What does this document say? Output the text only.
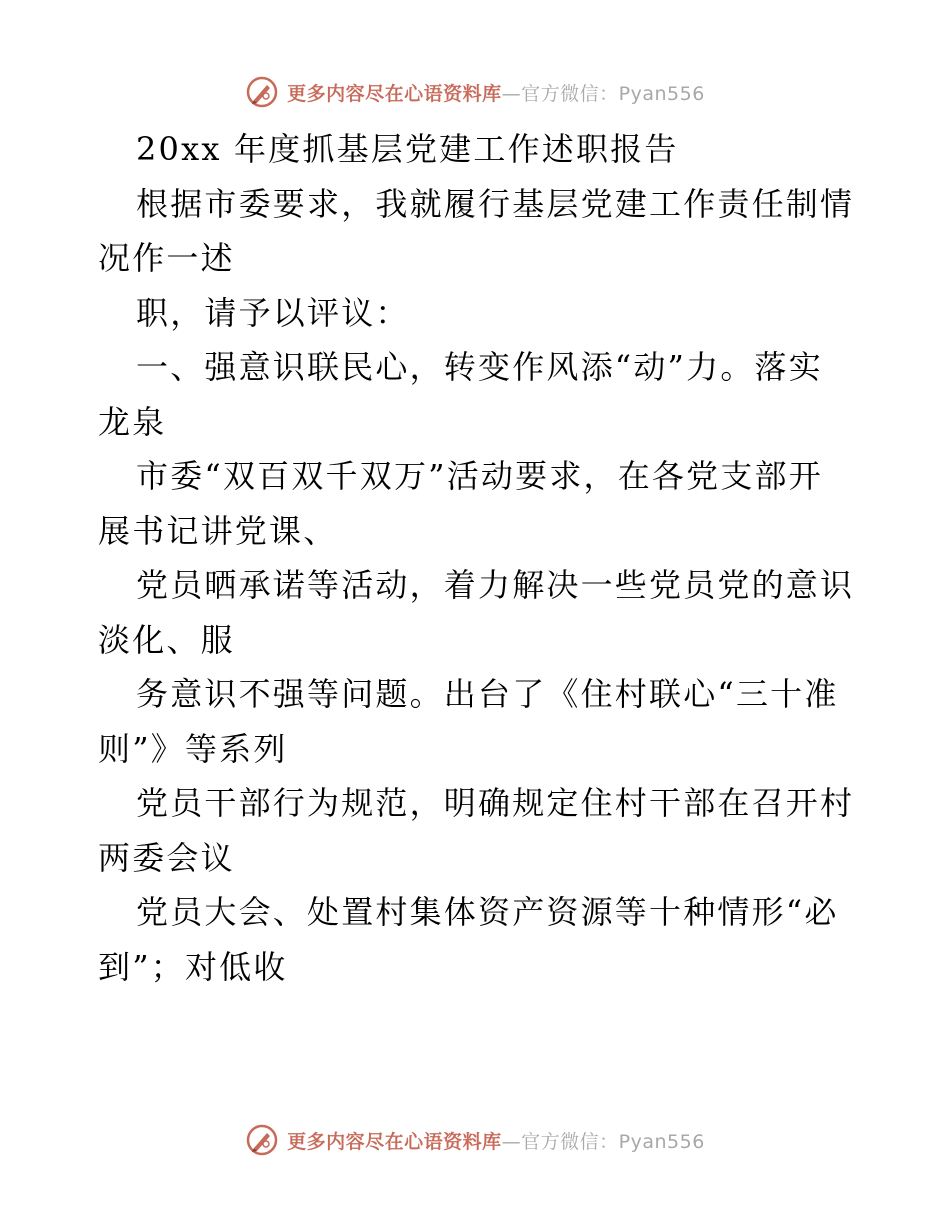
更多内容尽在心语资料库—官方微信：Pyan556
20xx 年度抓基层党建工作述职报告
根据市委要求，我就履行基层党建工作责任制情
况作一述
职，请予以评议：
一、强意识联民心，转变作风添“动”力。落实
龙泉
市委“双百双千双万”活动要求，在各党支部开
展书记讲党课、
党员晒承诺等活动，着力解决一些党员党的意识
淡化、服
务意识不强等问题。出台了《住村联心“三十准
则”》等系列
党员干部行为规范，明确规定住村干部在召开村
两委会议
党员大会、处置村集体资产资源等十种情形“必
到”；对低收
更多内容尽在心语资料库—官方微信：Pyan556
